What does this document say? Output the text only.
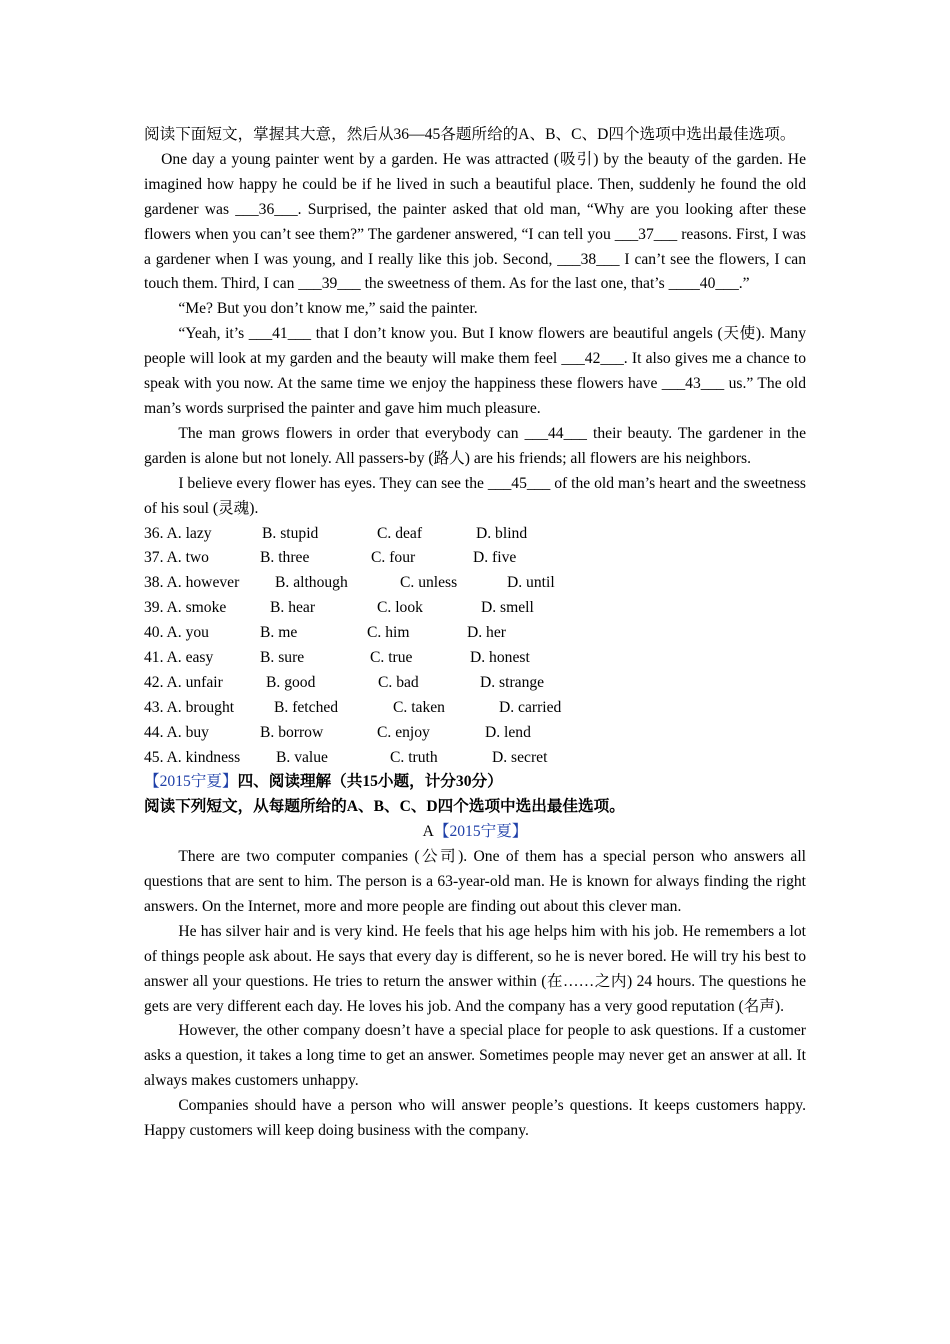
阅读下面短文，掌握其大意，然后从36—45各题所给的A、B、C、D四个选项中选出最佳选项。
One day a young painter went by a garden. He was attracted (吸引) by the beauty of the garden. He imagined how happy he could be if he lived in such a beautiful place. Then, suddenly he found the old gardener was ___36___. Surprised, the painter asked that old man, “Why are you looking after these flowers when you can’t see them?” The gardener answered, “I can tell you ___37___ reasons. First, I was a gardener when I was young, and I really like this job. Second, ___38___ I can’t see the flowers, I can touch them. Third, I can ___39___ the sweetness of them. As for the last one, that’s ____40___.”
“Me? But you don’t know me,” said the painter.
“Yeah, it’s ___41___ that I don’t know you. But I know flowers are beautiful angels (天使). Many people will look at my garden and the beauty will make them feel ___42___. It also gives me a chance to speak with you now. At the same time we enjoy the happiness these flowers have ___43___ us.” The old man’s words surprised the painter and gave him much pleasure.
The man grows flowers in order that everybody can ___44___ their beauty. The gardener in the garden is alone but not lonely. All passers-by (路人) are his friends; all flowers are his neighbors.
I believe every flower has eyes. They can see the ___45___ of the old man’s heart and the sweetness of his soul (灵魂).
36. A. lazy	B. stupid	C. deaf	D. blind
37. A. two	B. three	C. four	D. five
38. A. however B. although	C. unless	D. until
39. A. smoke	B. hear	C. look	D. smell
40. A. you	B. me	C. him	D. her
41. A. easy	B. sure	C. true	D. honest
42. A. unfair	B. good	C. bad	D. strange
43. A. brought	B. fetched	C. taken	D. carried
44. A. buy	B. borrow	C. enjoy	D. lend
45. A. kindness B. value	C. truth	D. secret
【2015宁夏】四、阅读理解（共15小题，计分30分）
阅读下列短文，从每题所给的A、B、C、D四个选项中选出最佳选项。
A【2015宁夏】
There are two computer companies (公司). One of them has a special person who answers all questions that are sent to him. The person is a 63-year-old man. He is known for always finding the right answers. On the Internet, more and more people are finding out about this clever man.
He has silver hair and is very kind. He feels that his age helps him with his job. He remembers a lot of things people ask about. He says that every day is different, so he is never bored. He will try his best to answer all your questions. He tries to return the answer within (在……之内) 24 hours. The questions he gets are very different each day. He loves his job. And the company has a very good reputation (名声).
However, the other company doesn’t have a special place for people to ask questions. If a customer asks a question, it takes a long time to get an answer. Sometimes people may never get an answer at all. It always makes customers unhappy.
Companies should have a person who will answer people’s questions. It keeps customers happy. Happy customers will keep doing business with the company.
